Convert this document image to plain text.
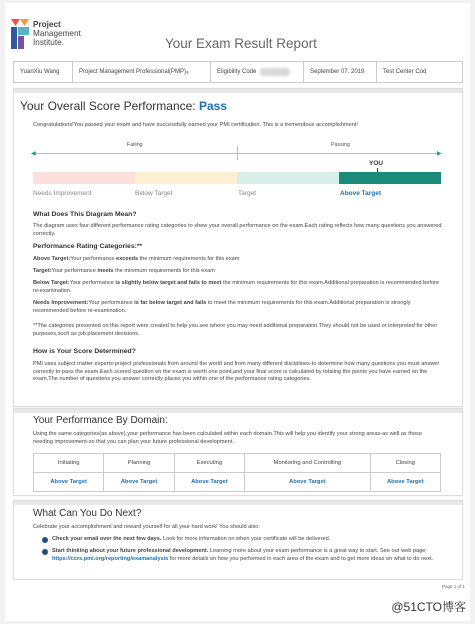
Project
Management
Institute.	Your Exam Result Report
YuanXiu Wang	Project Management Professional(PMP) ®	Eligibility Code	September 07, 2019	Test Center Cod
Your Overall Score Performance: Pass
Congratulations!You passed your exam and have successfully earned your PMI certification. This is a tremendous accomplishment!
Failing	Passing
◀	▶
YOU
Needs Improvement	Below Target	Target	Above Target
What Does This Diagram Mean?
The diagram uses four different performance rating categories to show your overall performance on the exam.Each rating reflects how many questions you answered correctly.
Performance Rating Categories:**
Above Target:Your performance exceeds the minimum requirements for this exam
Target:Your performance meets the minimum requirements for this exam
Below Target:Your performance is slightly below target and fails to meet the minimum requirements for this exam.Additional preparation is recommended before re-examination.
Needs Improvement:Your performance is far below target and fails to meet the minimum requirements for this exam.Additional preparation is strongly recommended before re-examination.
**The categories presented on this report were created to help you see where you may need additional preparation.They should not be used or interpreted for other purposes,such as job placement decisions.
How is Your Score Determined?
PMI uses subject matter experts-project professionals from around the world and from many different disciplines-to determine how many questions you must answer correctly to pass the exam.Each scored question on the exam is worth one point,and your final score is calculated by totaling the points you have earned on the exam.The number of questions you answer correctly places you within one of the performance rating categories.
Your Performance By Domain:
Using the same categories(as above),your performance has been calculated within each domain.This will help you identify your strong areas-as well as those needing improvement-so that you can plan your future professional development.
Initiating	Planning	Executing	Monitoring and Controlling	Closing
Above Target	Above Target	Above Target	Above Target	Above Target
What Can You Do Next?
Celebrate your accomplishment and reward yourself for all your hard work! You should also:
Check your email over the next few days. Look for more information on when your certificate will be delivered.
Start thinking about your future professional development. Learning more about your exam performance is a great way to start. See our web page: https://ccrs.pmi.org/reporting/examanalysis for more details on how you performed in each area of the exam and to get more ideas on what to do next.
Page 1 of 1
@51CTO博客
